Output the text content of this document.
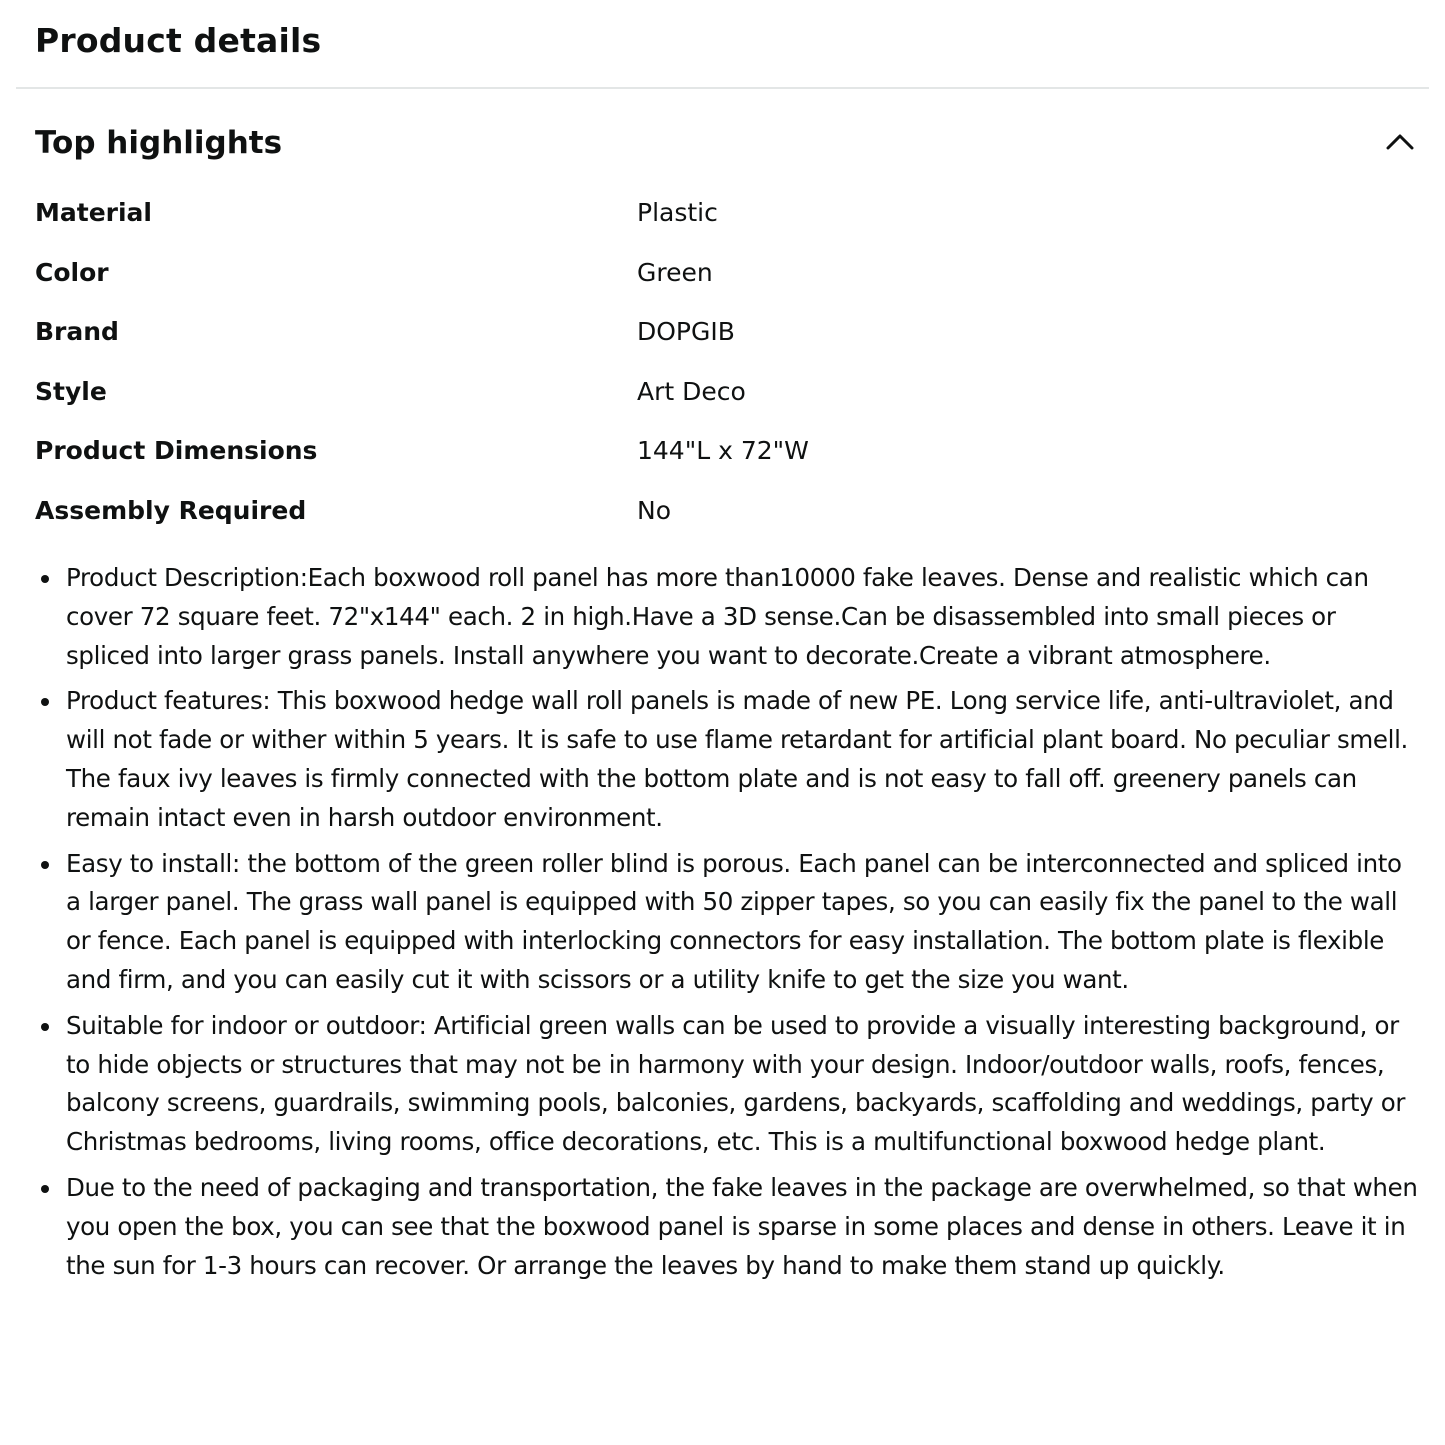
Product details
Top highlights
Material	Plastic
Color	Green
Brand	DOPGIB
Style	Art Deco
Product Dimensions	144"L x 72"W
Assembly Required	No
Product Description:Each boxwood roll panel has more than10000 fake leaves. Dense and realistic which can cover 72 square feet. 72"x144" each. 2 in high.Have a 3D sense.Can be disassembled into small pieces or spliced into larger grass panels. Install anywhere you want to decorate.Create a vibrant atmosphere.
Product features: This boxwood hedge wall roll panels is made of new PE. Long service life, anti-ultraviolet, and will not fade or wither within 5 years. It is safe to use flame retardant for artificial plant board. No peculiar smell. The faux ivy leaves is firmly connected with the bottom plate and is not easy to fall off. greenery panels can remain intact even in harsh outdoor environment.
Easy to install: the bottom of the green roller blind is porous. Each panel can be interconnected and spliced into a larger panel. The grass wall panel is equipped with 50 zipper tapes, so you can easily fix the panel to the wall or fence. Each panel is equipped with interlocking connectors for easy installation. The bottom plate is flexible and firm, and you can easily cut it with scissors or a utility knife to get the size you want.
Suitable for indoor or outdoor: Artificial green walls can be used to provide a visually interesting background, or to hide objects or structures that may not be in harmony with your design. Indoor/outdoor walls, roofs, fences, balcony screens, guardrails, swimming pools, balconies, gardens, backyards, scaffolding and weddings, party or Christmas bedrooms, living rooms, office decorations, etc. This is a multifunctional boxwood hedge plant.
Due to the need of packaging and transportation, the fake leaves in the package are overwhelmed, so that when you open the box, you can see that the boxwood panel is sparse in some places and dense in others. Leave it in the sun for 1-3 hours can recover. Or arrange the leaves by hand to make them stand up quickly.
